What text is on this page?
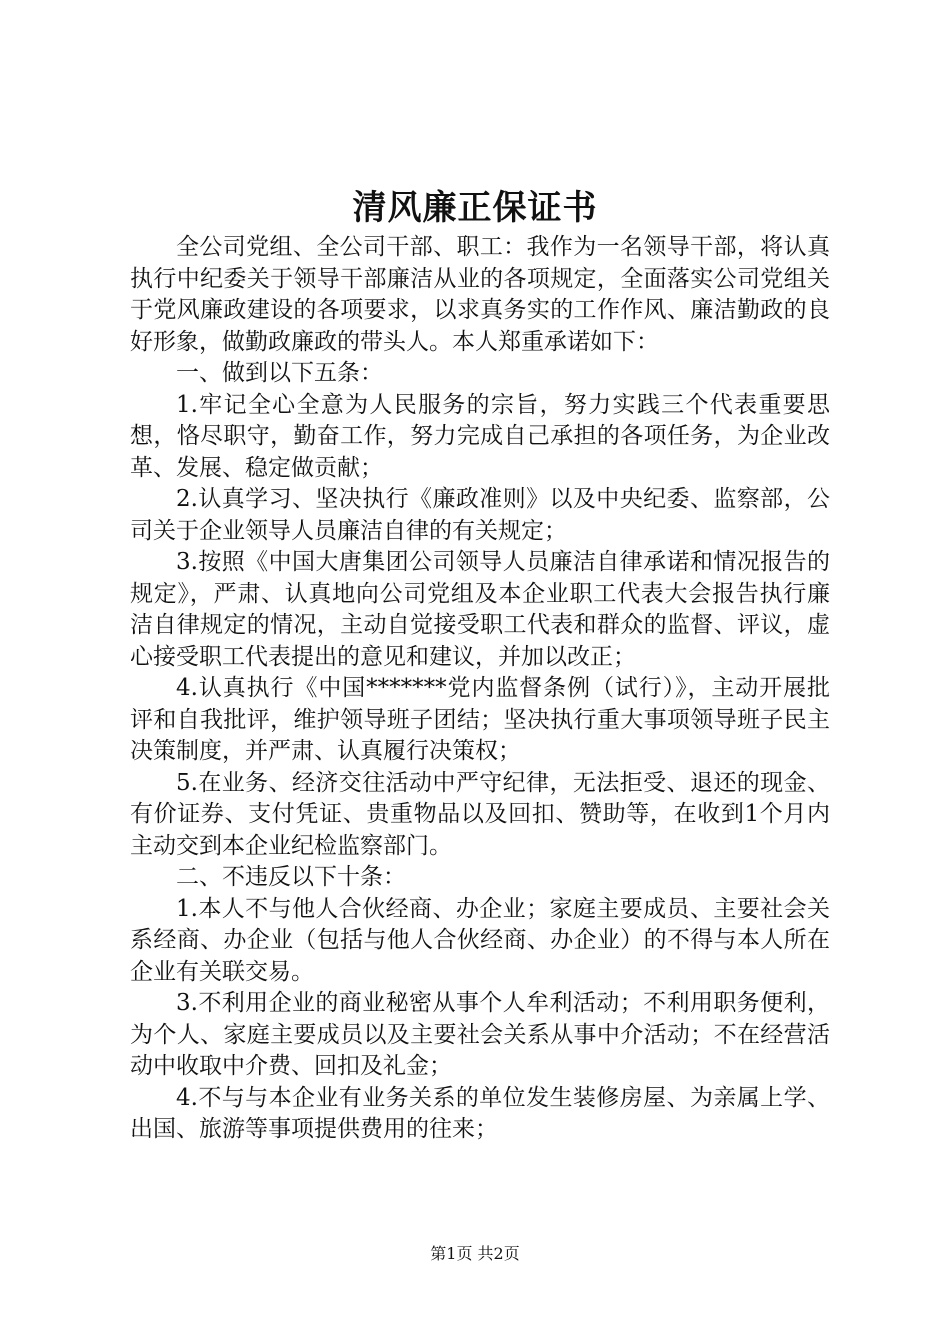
清风廉正保证书

全公司党组、全公司干部、职工：我作为一名领导干部，将认真执行中纪委关于领导干部廉洁从业的各项规定，全面落实公司党组关于党风廉政建设的各项要求，以求真务实的工作作风、廉洁勤政的良好形象，做勤政廉政的带头人。本人郑重承诺如下：

一、做到以下五条：

1.牢记全心全意为人民服务的宗旨，努力实践三个代表重要思想，恪尽职守，勤奋工作，努力完成自己承担的各项任务，为企业改革、发展、稳定做贡献；

2.认真学习、坚决执行《廉政准则》以及中央纪委、监察部，公司关于企业领导人员廉洁自律的有关规定；

3.按照《中国大唐集团公司领导人员廉洁自律承诺和情况报告的规定》，严肃、认真地向公司党组及本企业职工代表大会报告执行廉洁自律规定的情况，主动自觉接受职工代表和群众的监督、评议，虚心接受职工代表提出的意见和建议，并加以改正；

4.认真执行《中国*******党内监督条例（试行）》，主动开展批评和自我批评，维护领导班子团结；坚决执行重大事项领导班子民主决策制度，并严肃、认真履行决策权；

5.在业务、经济交往活动中严守纪律，无法拒受、退还的现金、有价证券、支付凭证、贵重物品以及回扣、赞助等，在收到1个月内主动交到本企业纪检监察部门。

二、不违反以下十条：

1.本人不与他人合伙经商、办企业；家庭主要成员、主要社会关系经商、办企业（包括与他人合伙经商、办企业）的不得与本人所在企业有关联交易。

3.不利用企业的商业秘密从事个人牟利活动；不利用职务便利，为个人、家庭主要成员以及主要社会关系从事中介活动；不在经营活动中收取中介费、回扣及礼金；

4.不与与本企业有业务关系的单位发生装修房屋、为亲属上学、出国、旅游等事项提供费用的往来；

第1页 共2页
